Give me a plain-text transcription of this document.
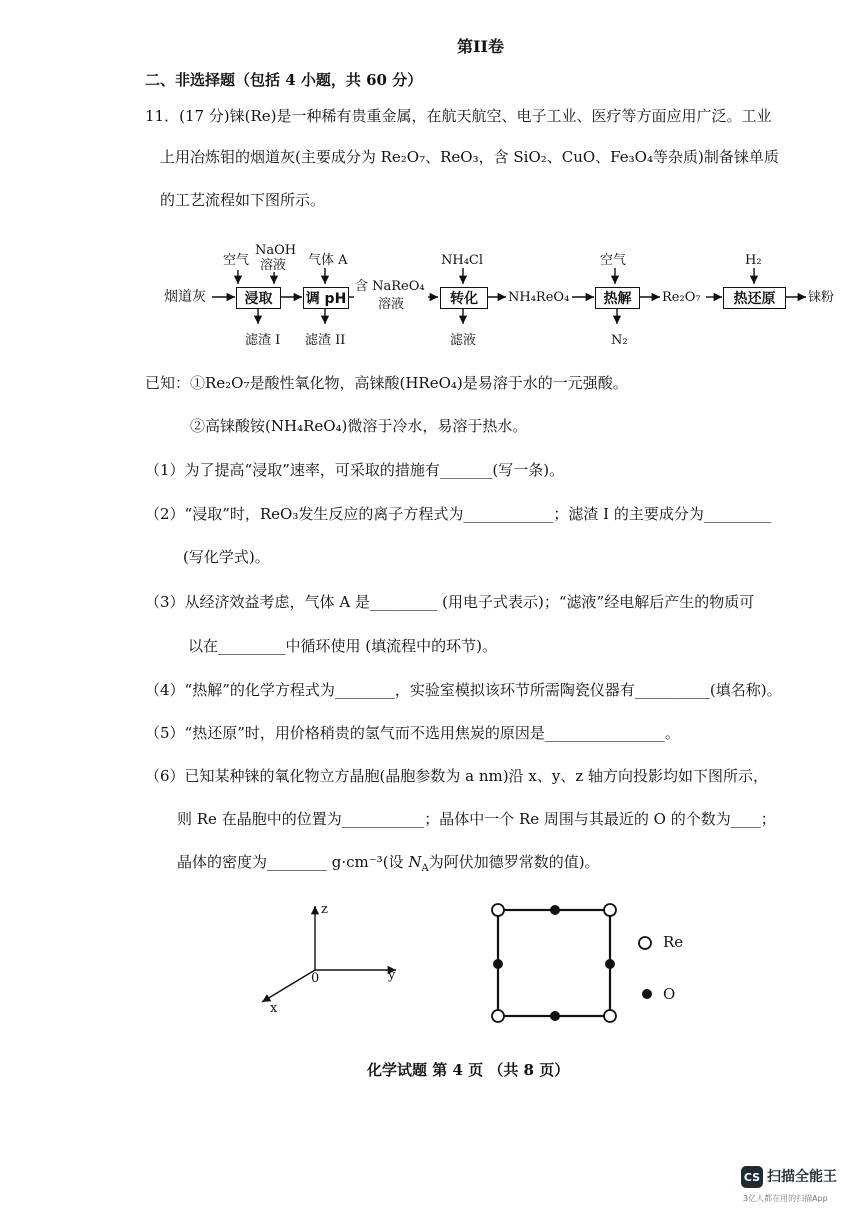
第II卷
二、非选择题（包括 4 小题，共 60 分）
11．(17 分)铼(Re)是一种稀有贵重金属，在航天航空、电子工业、医疗等方面应用广泛。工业
上用冶炼钼的烟道灰(主要成分为 Re₂O₇、ReO₃，含 SiO₂、CuO、Fe₃O₄等杂质)制备铼单质
的工艺流程如下图所示。
烟道灰
空气
NaOH
溶液 气体 A	NH₄Cl	空气	H₂
浸取	调 pH	转化	热解	热还原
含 NaReO₄
溶液	NH₄ReO₄	Re₂O₇	铼粉
滤渣 I 滤渣 II	滤液	N₂
已知：①Re₂O₇是酸性氧化物，高铼酸(HReO₄)是易溶于水的一元强酸。
②高铼酸铵(NH₄ReO₄)微溶于冷水，易溶于热水。
（1）为了提高“浸取”速率，可采取的措施有_______(写一条)。
（2）“浸取”时，ReO₃发生反应的离子方程式为____________；滤渣 I 的主要成分为_________
(写化学式)。
（3）从经济效益考虑，气体 A 是_________ (用电子式表示)；“滤液”经电解后产生的物质可
以在_________中循环使用 (填流程中的环节)。
（4）“热解”的化学方程式为________，实验室模拟该环节所需陶瓷仪器有__________(填名称)。
（5）“热还原”时，用价格稍贵的氢气而不选用焦炭的原因是________________。
（6）已知某种铼的氧化物立方晶胞(晶胞参数为 a nm)沿 x、y、z 轴方向投影均如下图所示，
则 Re 在晶胞中的位置为___________；晶体中一个 Re 周围与其最近的 O 的个数为____；
晶体的密度为________ g·cm⁻³(设 $N_A$为阿伏加德罗常数的值)。
z
y
x
0
Re
O
化学试题 第 4 页 （共 8 页）
CS 扫描全能王
3亿人都在用的扫描App
